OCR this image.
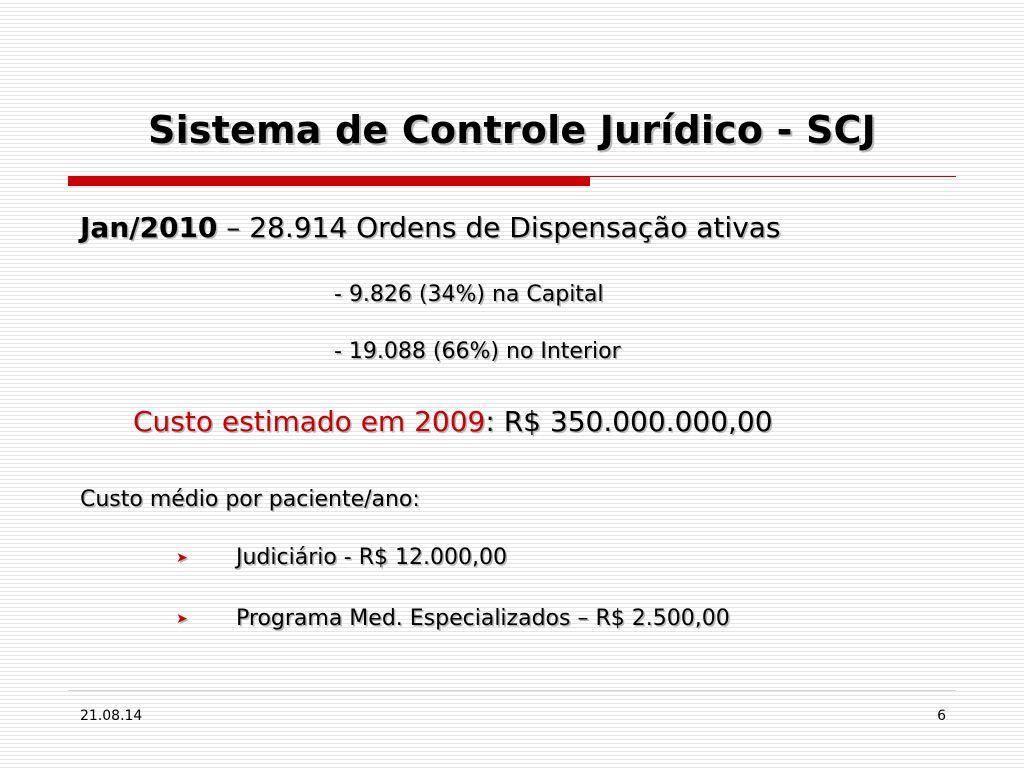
Sistema de Controle Jurídico - SCJ
Jan/2010 – 28.914 Ordens de Dispensação ativas
- 9.826 (34%) na Capital
- 19.088 (66%) no Interior
Custo estimado em 2009: R$ 350.000.000,00
Custo médio por paciente/ano:
➤ Judiciário - R$ 12.000,00
➤ Programa Med. Especializados – R$ 2.500,00
21.08.14	6
